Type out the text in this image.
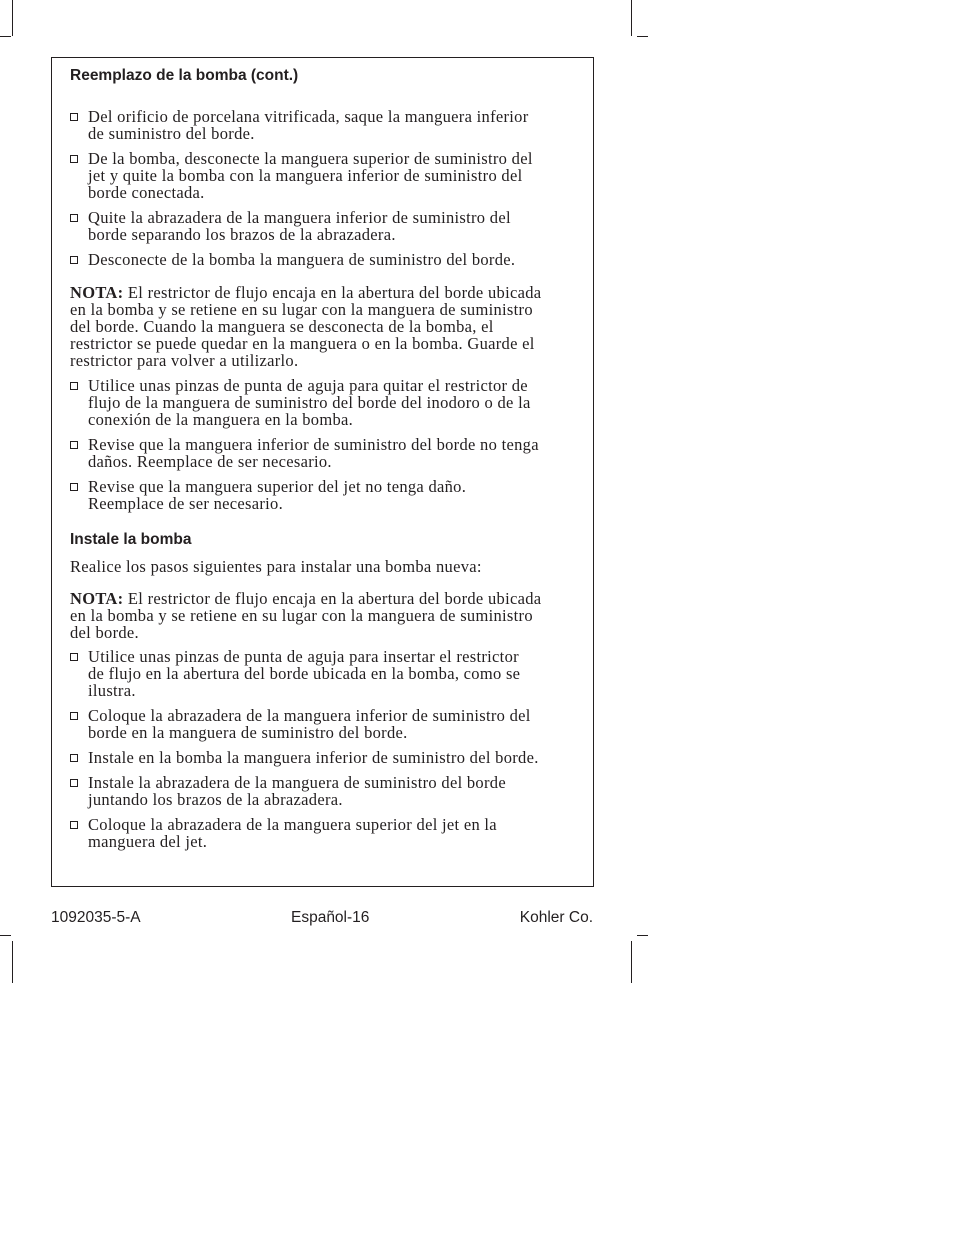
Reemplazo de la bomba (cont.)
Del orificio de porcelana vitrificada, saque la manguera inferior
de suministro del borde.
De la bomba, desconecte la manguera superior de suministro del
jet y quite la bomba con la manguera inferior de suministro del
borde conectada.
Quite la abrazadera de la manguera inferior de suministro del
borde separando los brazos de la abrazadera.
Desconecte de la bomba la manguera de suministro del borde.

NOTA: El restrictor de flujo encaja en la abertura del borde ubicada
en la bomba y se retiene en su lugar con la manguera de suministro
del borde. Cuando la manguera se desconecta de la bomba, el
restrictor se puede quedar en la manguera o en la bomba. Guarde el
restrictor para volver a utilizarlo.

Utilice unas pinzas de punta de aguja para quitar el restrictor de
flujo de la manguera de suministro del borde del inodoro o de la
conexión de la manguera en la bomba.
Revise que la manguera inferior de suministro del borde no tenga
daños. Reemplace de ser necesario.
Revise que la manguera superior del jet no tenga daño.
Reemplace de ser necesario.
Instale la bomba

Realice los pasos siguientes para instalar una bomba nueva:

NOTA: El restrictor de flujo encaja en la abertura del borde ubicada
en la bomba y se retiene en su lugar con la manguera de suministro
del borde.

Utilice unas pinzas de punta de aguja para insertar el restrictor
de flujo en la abertura del borde ubicada en la bomba, como se
ilustra.
Coloque la abrazadera de la manguera inferior de suministro del
borde en la manguera de suministro del borde.
Instale en la bomba la manguera inferior de suministro del borde.
Instale la abrazadera de la manguera de suministro del borde
juntando los brazos de la abrazadera.
Coloque la abrazadera de la manguera superior del jet en la
manguera del jet.
1092035-5-A	Español-16	Kohler Co.
